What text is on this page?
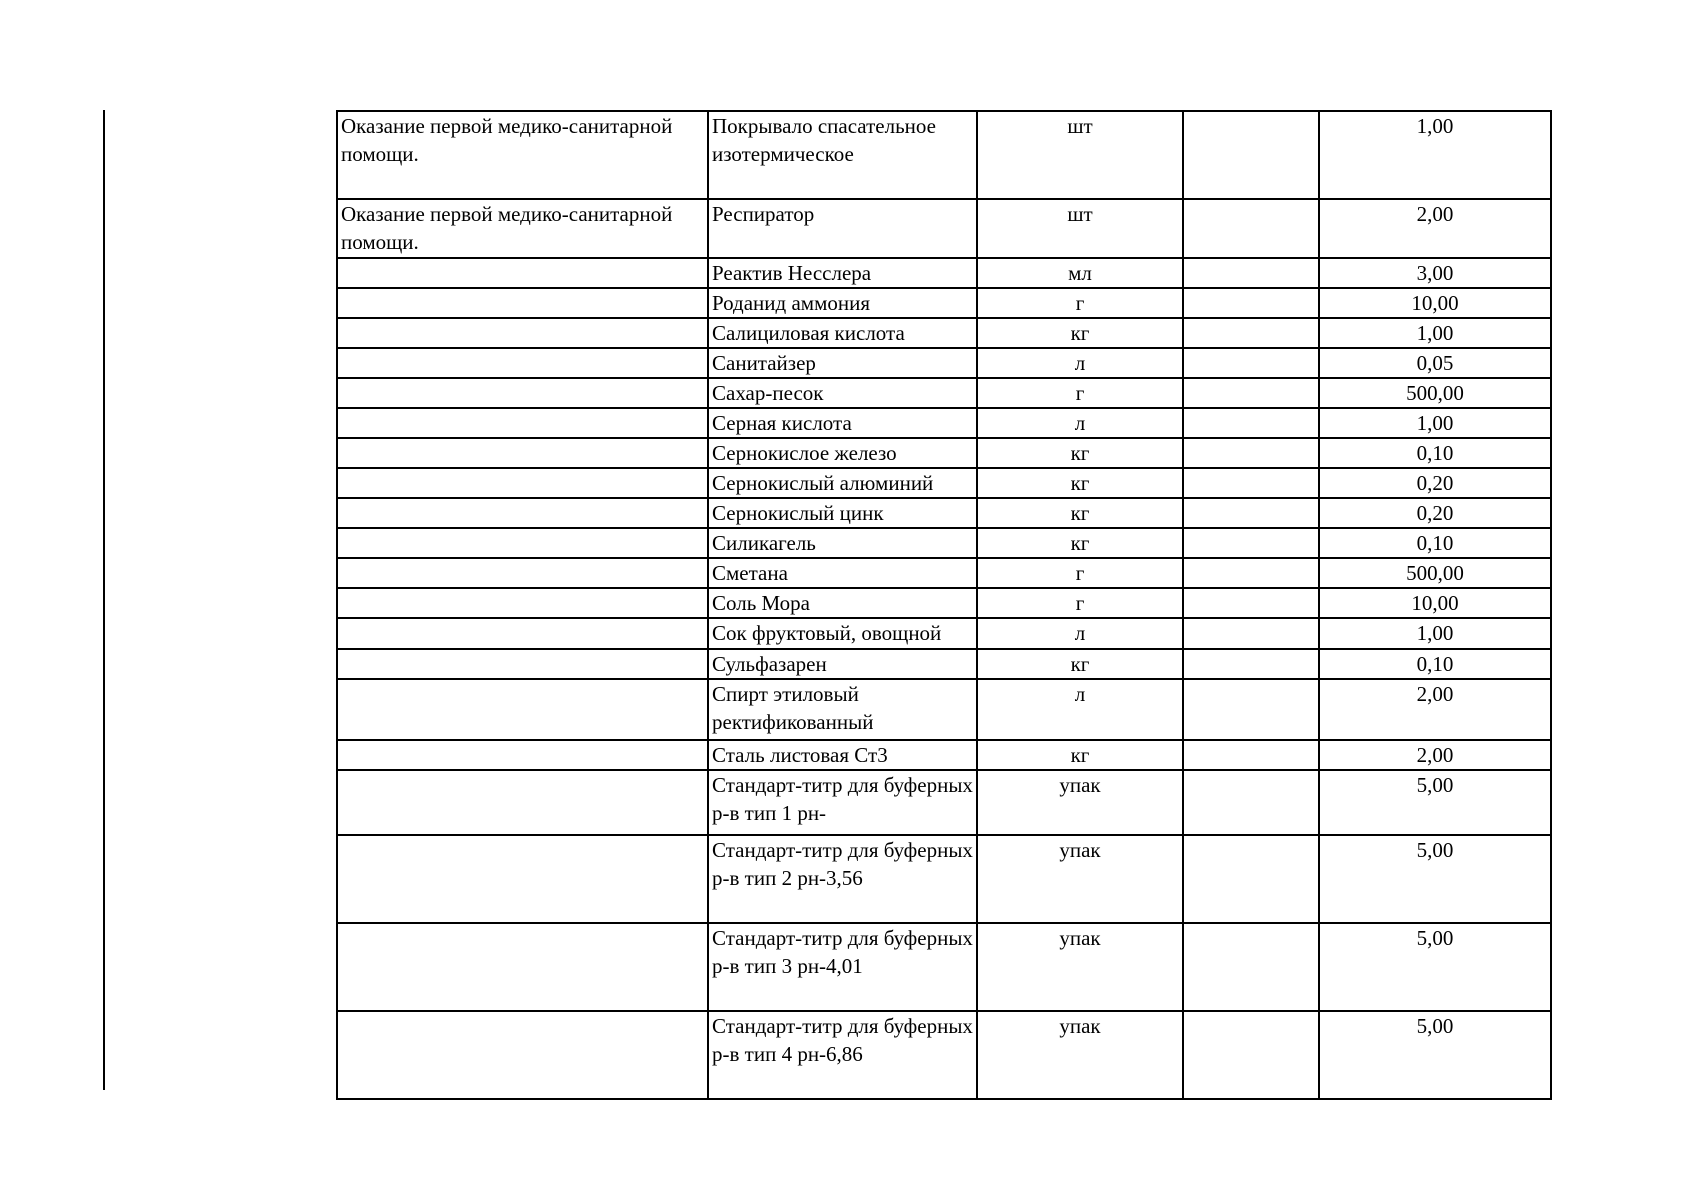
Оказание первой медико-санитарной помощи.	Покрывало спасательное изотермическое	шт		1,00
Оказание первой медико-санитарной помощи.	Респиратор	шт		2,00
	Реактив Несслера	мл		3,00
	Роданид аммония	г		10,00
	Салициловая кислота	кг		1,00
	Санитайзер	л		0,05
	Сахар-песок	г		500,00
	Серная кислота	л		1,00
	Сернокислое железо	кг		0,10
	Сернокислый алюминий	кг		0,20
	Сернокислый цинк	кг		0,20
	Силикагель	кг		0,10
	Сметана	г		500,00
	Соль Мора	г		10,00
	Сок фруктовый, овощной	л		1,00
	Сульфазарен	кг		0,10
	Спирт этиловый ректификованный	л		2,00
	Сталь листовая Ст3	кг		2,00
	Стандарт-титр для буферных р-в тип 1 рн-	упак		5,00
	Стандарт-титр для буферных р-в тип 2 рн-3,56	упак		5,00
	Стандарт-титр для буферных р-в тип 3 рн-4,01	упак		5,00
	Стандарт-титр для буферных р-в тип 4 рн-6,86	упак		5,00
